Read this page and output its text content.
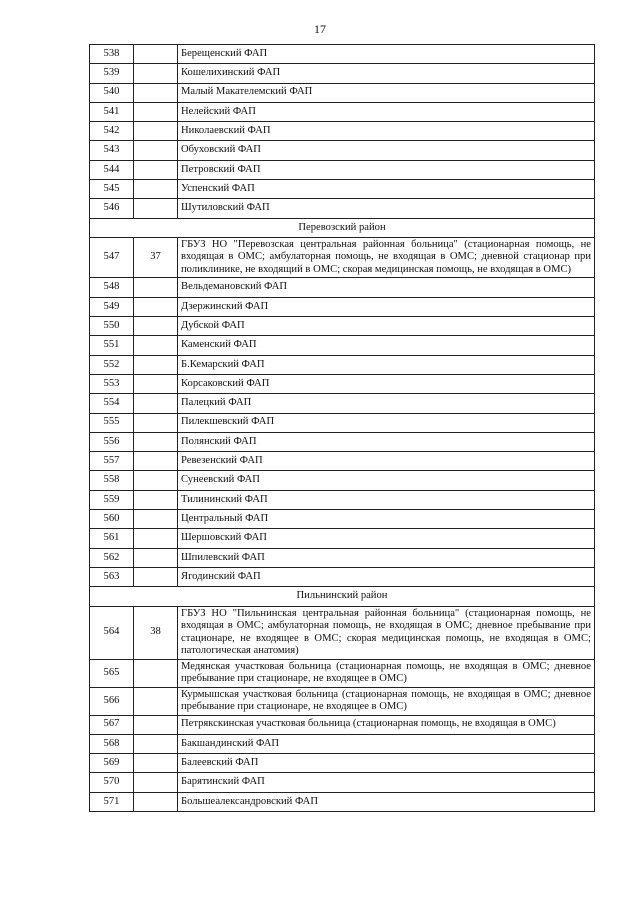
17
538		Берещенский ФАП
539		Кошелихинский ФАП
540		Малый Макателемский ФАП
541		Нелейский ФАП
542		Николаевский ФАП
543		Обуховский ФАП
544		Петровский ФАП
545		Успенский ФАП
546		Шутиловский ФАП
Перевозский район		
547	37	ГБУЗ НО "Перевозская центральная районная больница" (стационарная помощь, не входящая в ОМС; амбулаторная помощь, не входящая в ОМС; дневной стационар при поликлинике, не входящий в ОМС; скорая медицинская помощь, не входящая в ОМС)
548		Вельдемановский ФАП
549		Дзержинский ФАП
550		Дубской ФАП
551		Каменский ФАП
552		Б.Кемарский ФАП
553		Корсаковский ФАП
554		Палецкий ФАП
555		Пилекшевский ФАП
556		Полянский ФАП
557		Ревезенский ФАП
558		Сунеевский ФАП
559		Тилининский ФАП
560		Центральный ФАП
561		Шершовский ФАП
562		Шпилевский ФАП
563		Ягодинский ФАП
Пильнинский район		
564	38	ГБУЗ НО "Пильнинская центральная районная больница" (стационарная помощь, не входящая в ОМС; амбулаторная помощь, не входящая в ОМС; дневное пребывание при стационаре, не входящее в ОМС; скорая медицинская помощь, не входящая в ОМС; патологическая анатомия)
565		Медянская участковая больница (стационарная помощь, не входящая в ОМС; дневное пребывание при стационаре, не входящее в ОМС)
566		Курмышская участковая больница (стационарная помощь, не входящая в ОМС; дневное пребывание при стационаре, не входящее в ОМС)
567		Петрякскинская участковая больница (стационарная помощь, не входящая в ОМС)
568		Бакшандинский ФАП
569		Балеевский ФАП
570		Барятинский ФАП
571		Большеалександровский ФАП
